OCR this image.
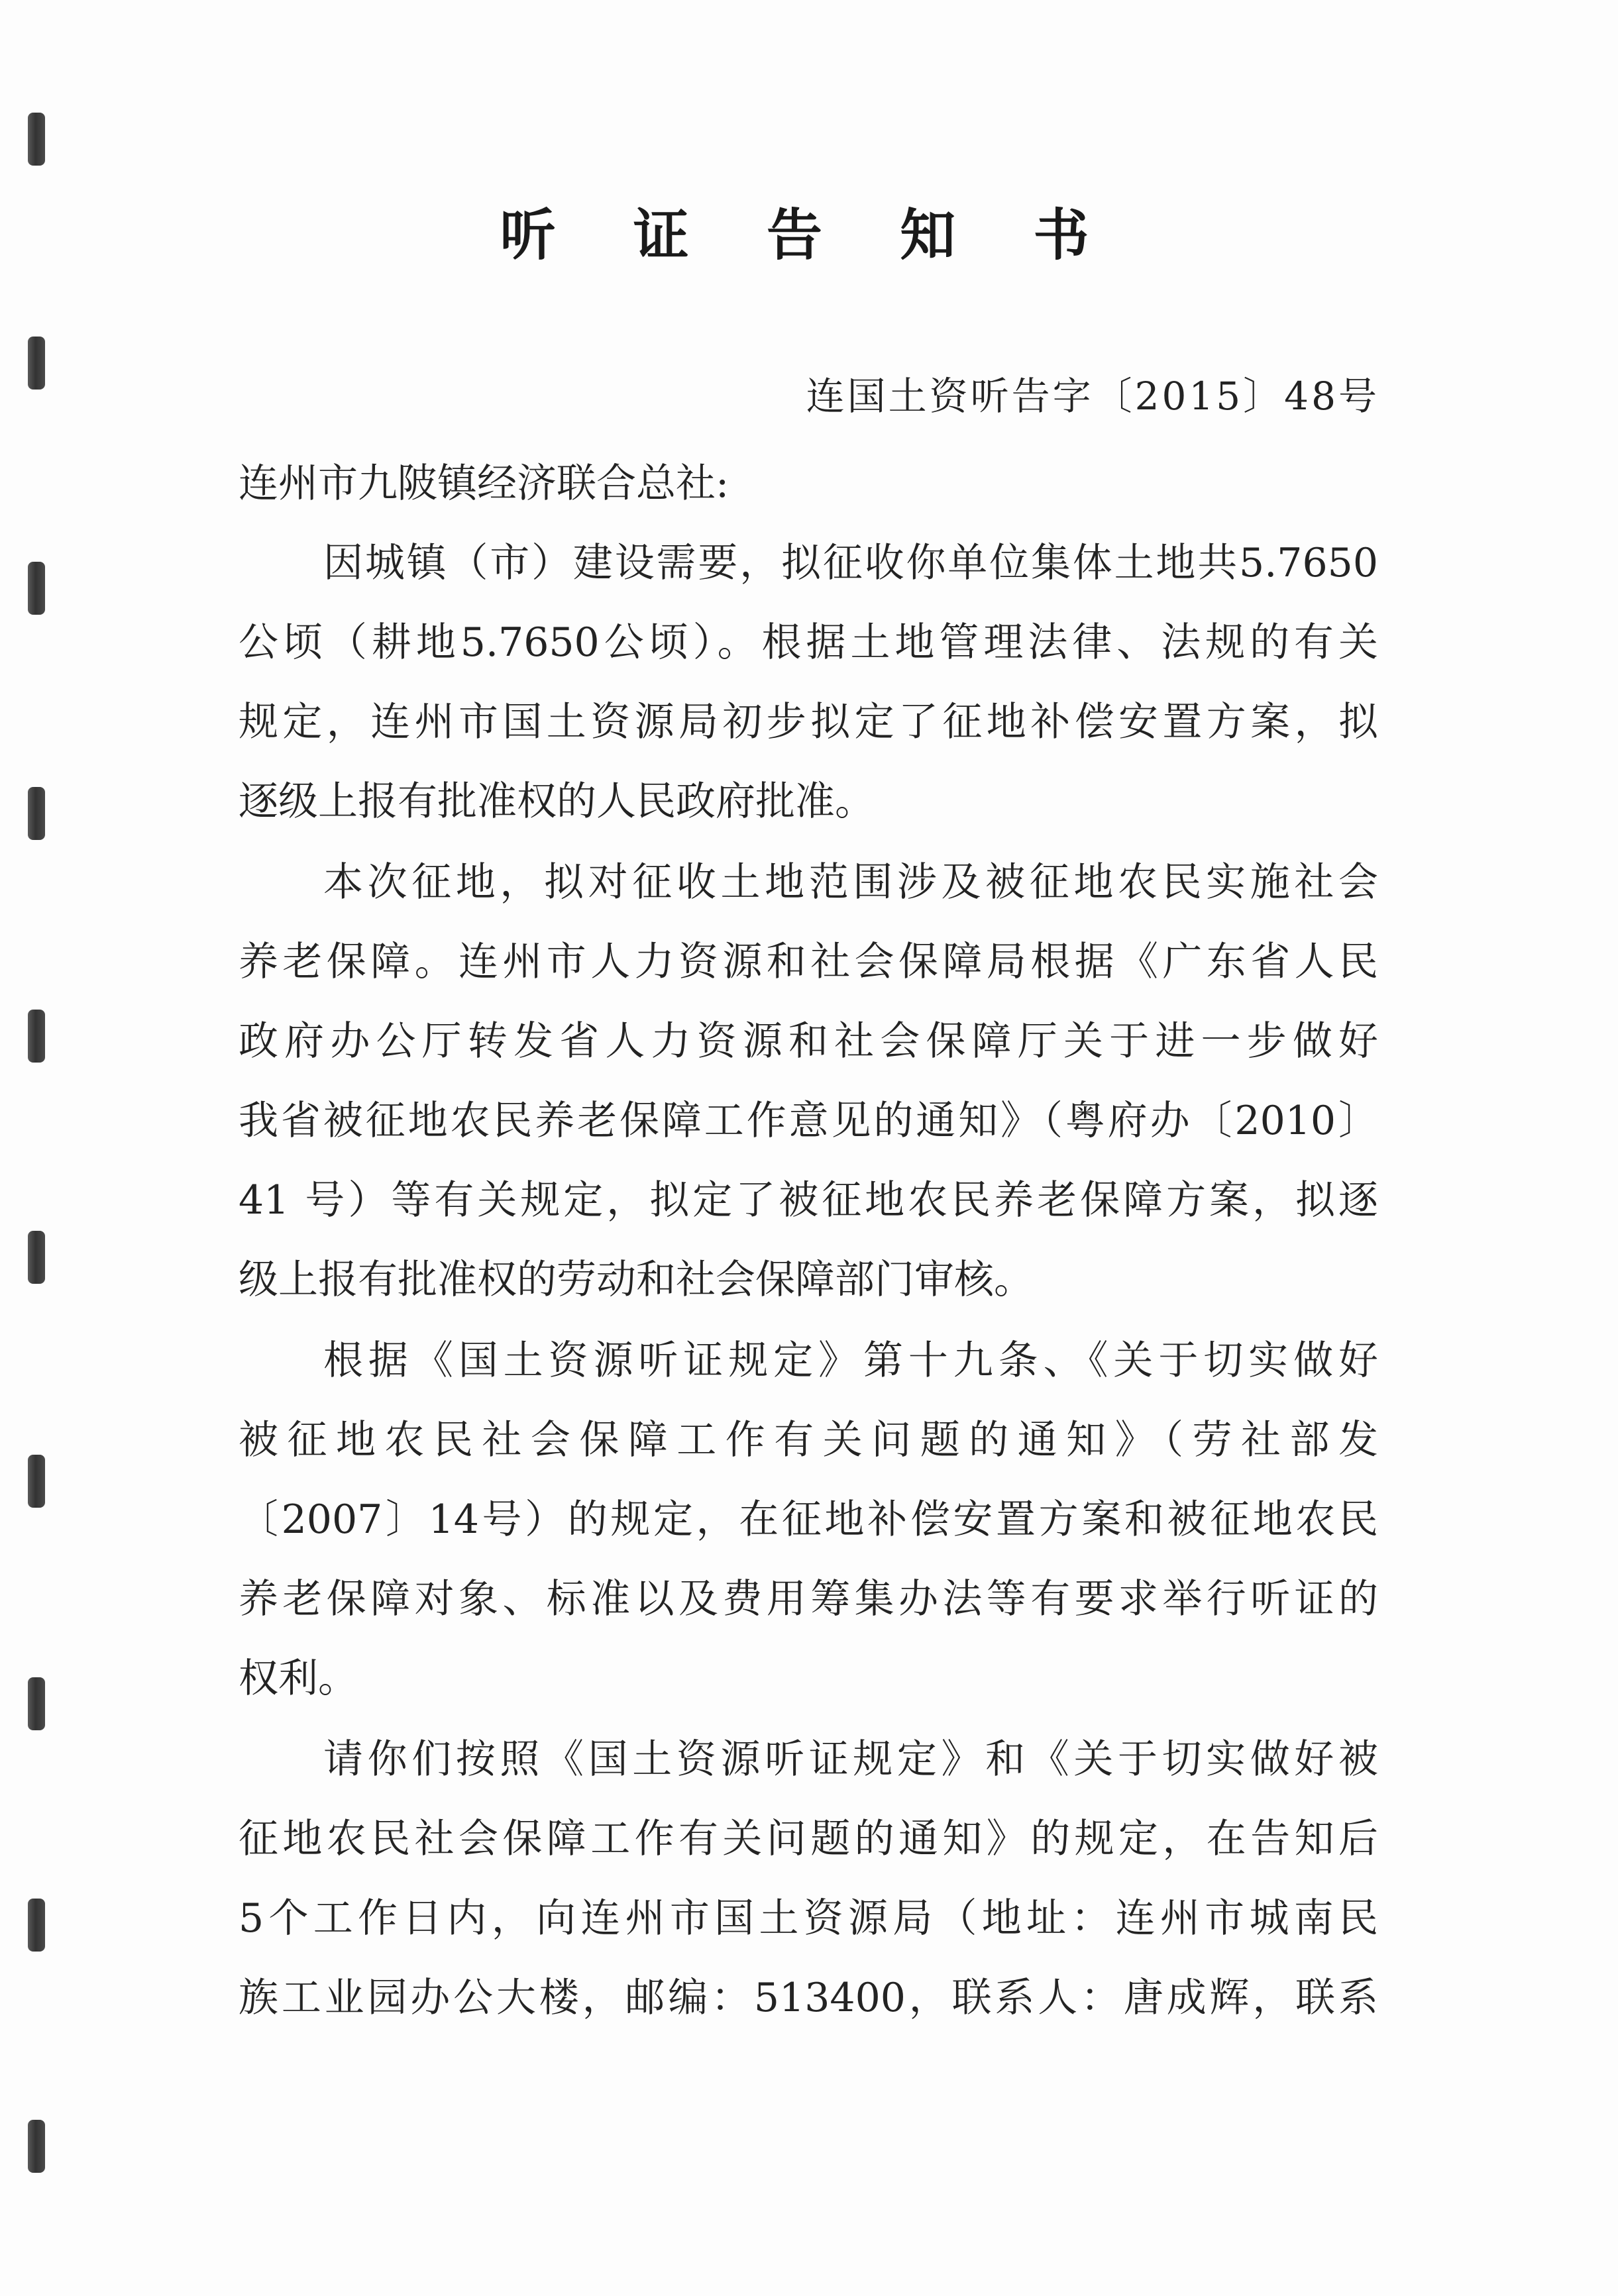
听 证 告 知 书
连国土资听告字〔2015〕48号
连州市九陂镇经济联合总社:
因城镇（市）建设需要，拟征收你单位集体土地共5.7650
公顷（耕地5.7650公顷）。根据土地管理法律、法规的有关
规定，连州市国土资源局初步拟定了征地补偿安置方案，拟
逐级上报有批准权的人民政府批准。
本次征地，拟对征收土地范围涉及被征地农民实施社会
养老保障。连州市人力资源和社会保障局根据《广东省人民
政府办公厅转发省人力资源和社会保障厅关于进一步做好
我省被征地农民养老保障工作意见的通知》（粤府办〔2010〕
41 号）等有关规定，拟定了被征地农民养老保障方案，拟逐
级上报有批准权的劳动和社会保障部门审核。
根据《国土资源听证规定》第十九条、《关于切实做好
被征地农民社会保障工作有关问题的通知》（劳社部发
〔2007〕14号）的规定，在征地补偿安置方案和被征地农民
养老保障对象、标准以及费用筹集办法等有要求举行听证的
权利。
请你们按照《国土资源听证规定》和《关于切实做好被
征地农民社会保障工作有关问题的通知》的规定，在告知后
5个工作日内，向连州市国土资源局（地址：连州市城南民
族工业园办公大楼，邮编：513400，联系人：唐成辉，联系
